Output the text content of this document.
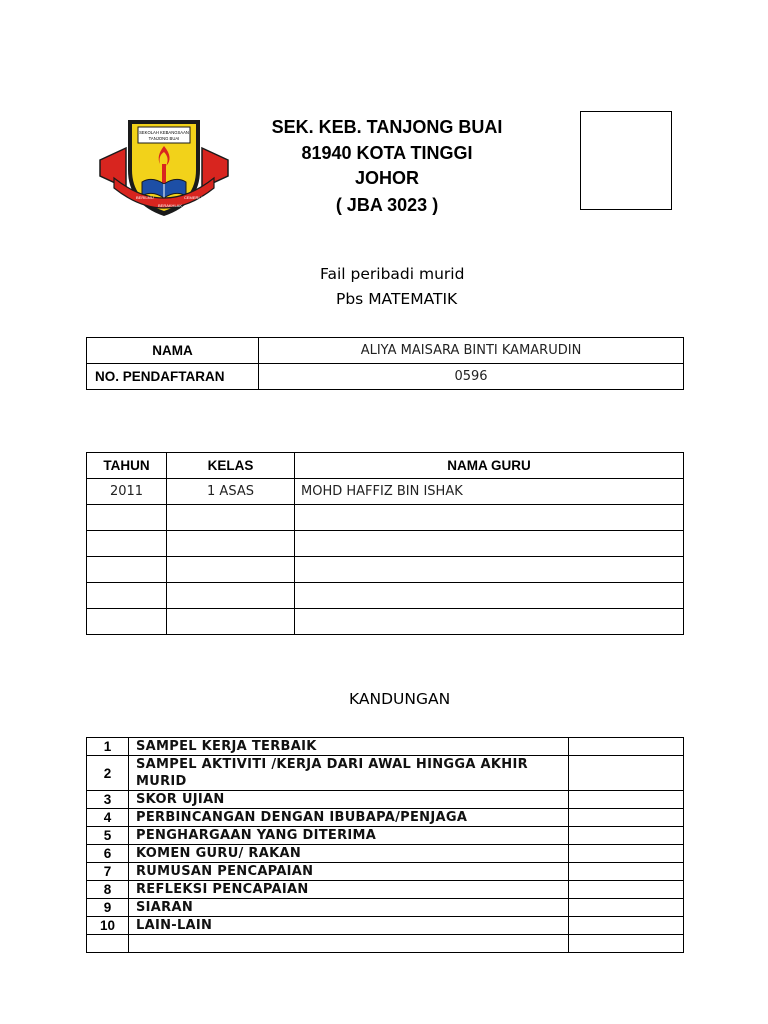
SEKOLAH KEBANGSAAN
TANJONG BUAI
BERILMU
BERAKHLAK
CEMERLANG
SEK. KEB. TANJONG BUAI
81940 KOTA TINGGI
JOHOR
( JBA 3023 )
Fail peribadi murid
Pbs MATEMATIK
NAMA	ALIYA MAISARA BINTI KAMARUDIN
NO. PENDAFTARAN	0596
TAHUN	KELAS	NAMA GURU
2011	1 ASAS	MOHD HAFFIZ BIN ISHAK

KANDUNGAN
1	SAMPEL KERJA TERBAIK	
2	SAMPEL AKTIVITI /KERJA DARI AWAL HINGGA AKHIR MURID	
3	SKOR UJIAN	
4	PERBINCANGAN DENGAN IBUBAPA/PENJAGA	
5	PENGHARGAAN YANG DITERIMA	
6	KOMEN GURU/ RAKAN	
7	RUMUSAN PENCAPAIAN	
8	REFLEKSI PENCAPAIAN	
9	SIARAN	
10	LAIN-LAIN	
